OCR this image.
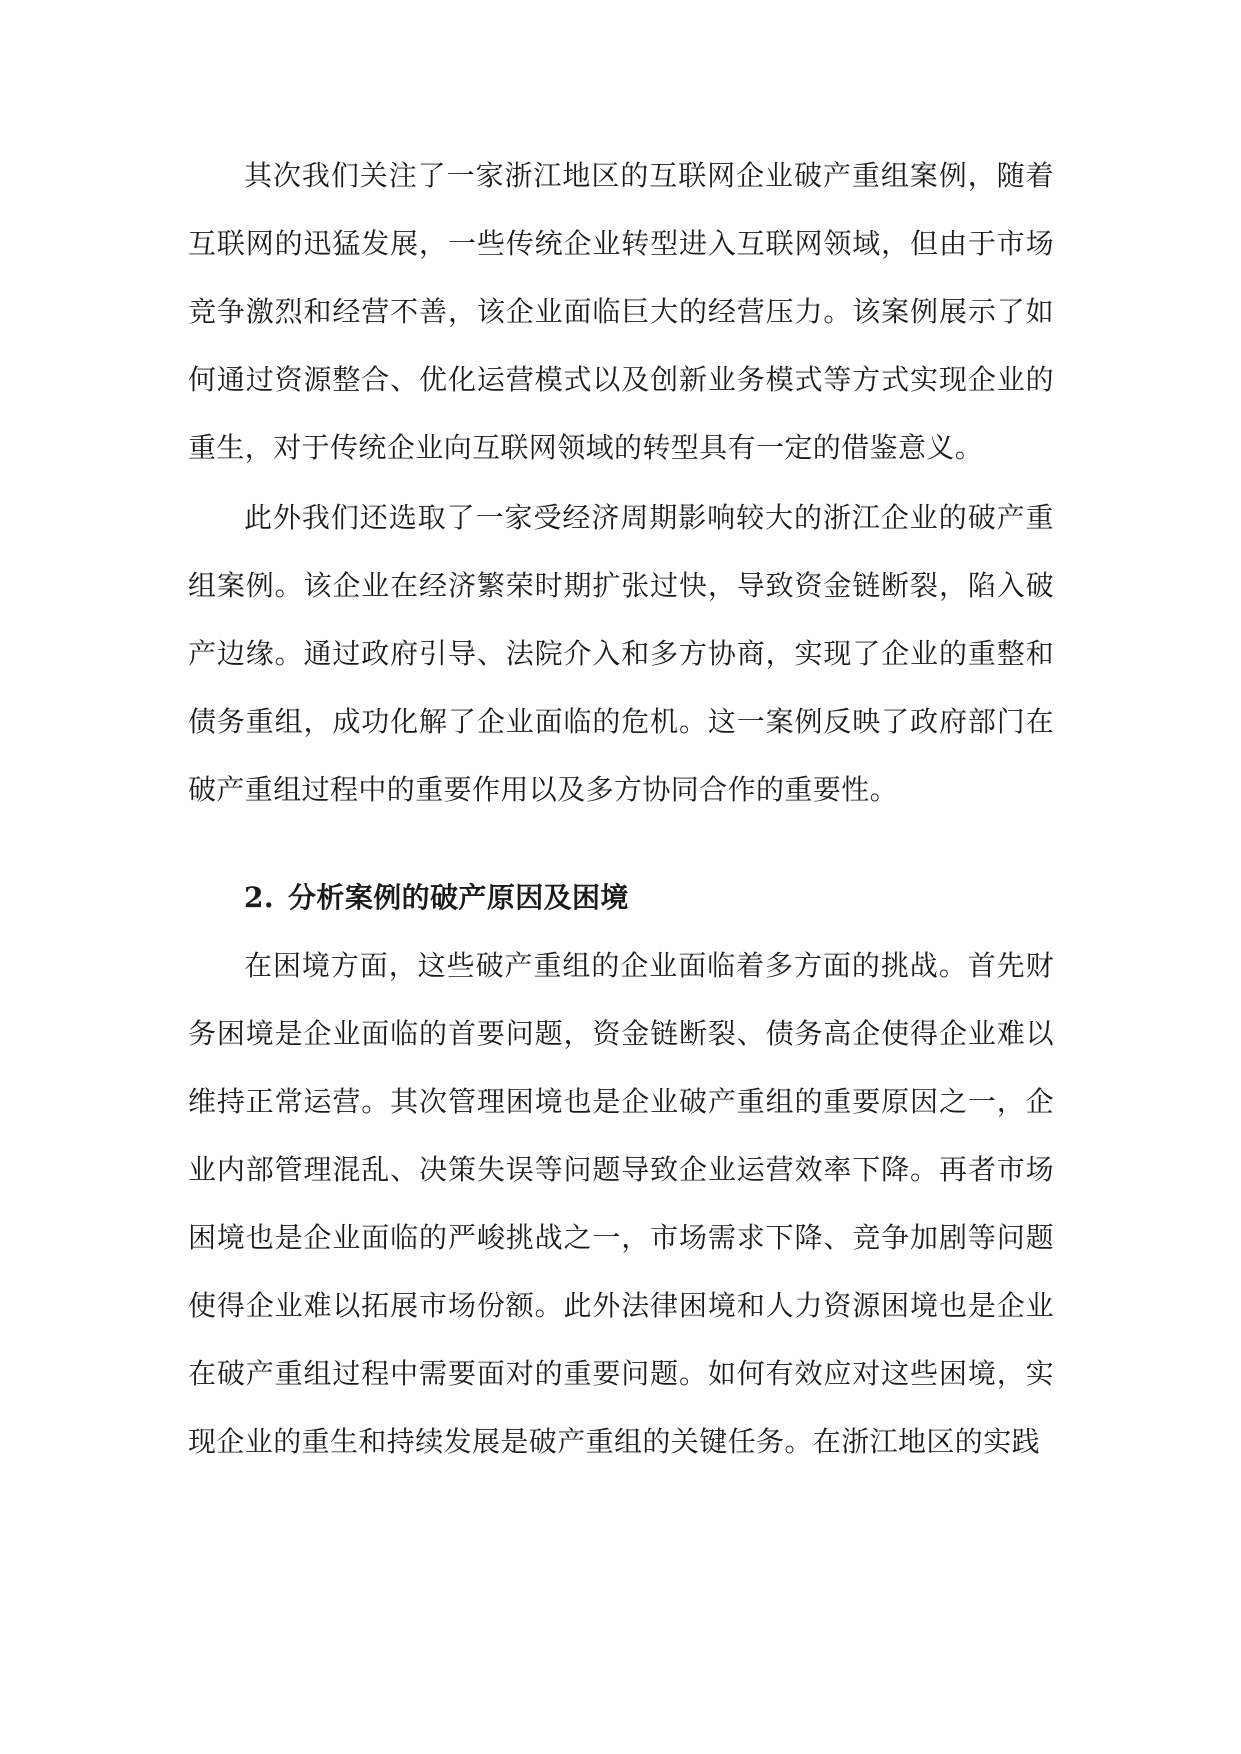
其次我们关注了一家浙江地区的互联网企业破产重组案例，随着互联网的迅猛发展，一些传统企业转型进入互联网领域，但由于市场竞争激烈和经营不善，该企业面临巨大的经营压力。该案例展示了如何通过资源整合、优化运营模式以及创新业务模式等方式实现企业的重生，对于传统企业向互联网领域的转型具有一定的借鉴意义。

此外我们还选取了一家受经济周期影响较大的浙江企业的破产重组案例。该企业在经济繁荣时期扩张过快，导致资金链断裂，陷入破产边缘。通过政府引导、法院介入和多方协商，实现了企业的重整和债务重组，成功化解了企业面临的危机。这一案例反映了政府部门在破产重组过程中的重要作用以及多方协同合作的重要性。

2. 分析案例的破产原因及困境

在困境方面，这些破产重组的企业面临着多方面的挑战。首先财务困境是企业面临的首要问题，资金链断裂、债务高企使得企业难以维持正常运营。其次管理困境也是企业破产重组的重要原因之一，企业内部管理混乱、决策失误等问题导致企业运营效率下降。再者市场困境也是企业面临的严峻挑战之一，市场需求下降、竞争加剧等问题使得企业难以拓展市场份额。此外法律困境和人力资源困境也是企业在破产重组过程中需要面对的重要问题。如何有效应对这些困境，实现企业的重生和持续发展是破产重组的关键任务。在浙江地区的实践
